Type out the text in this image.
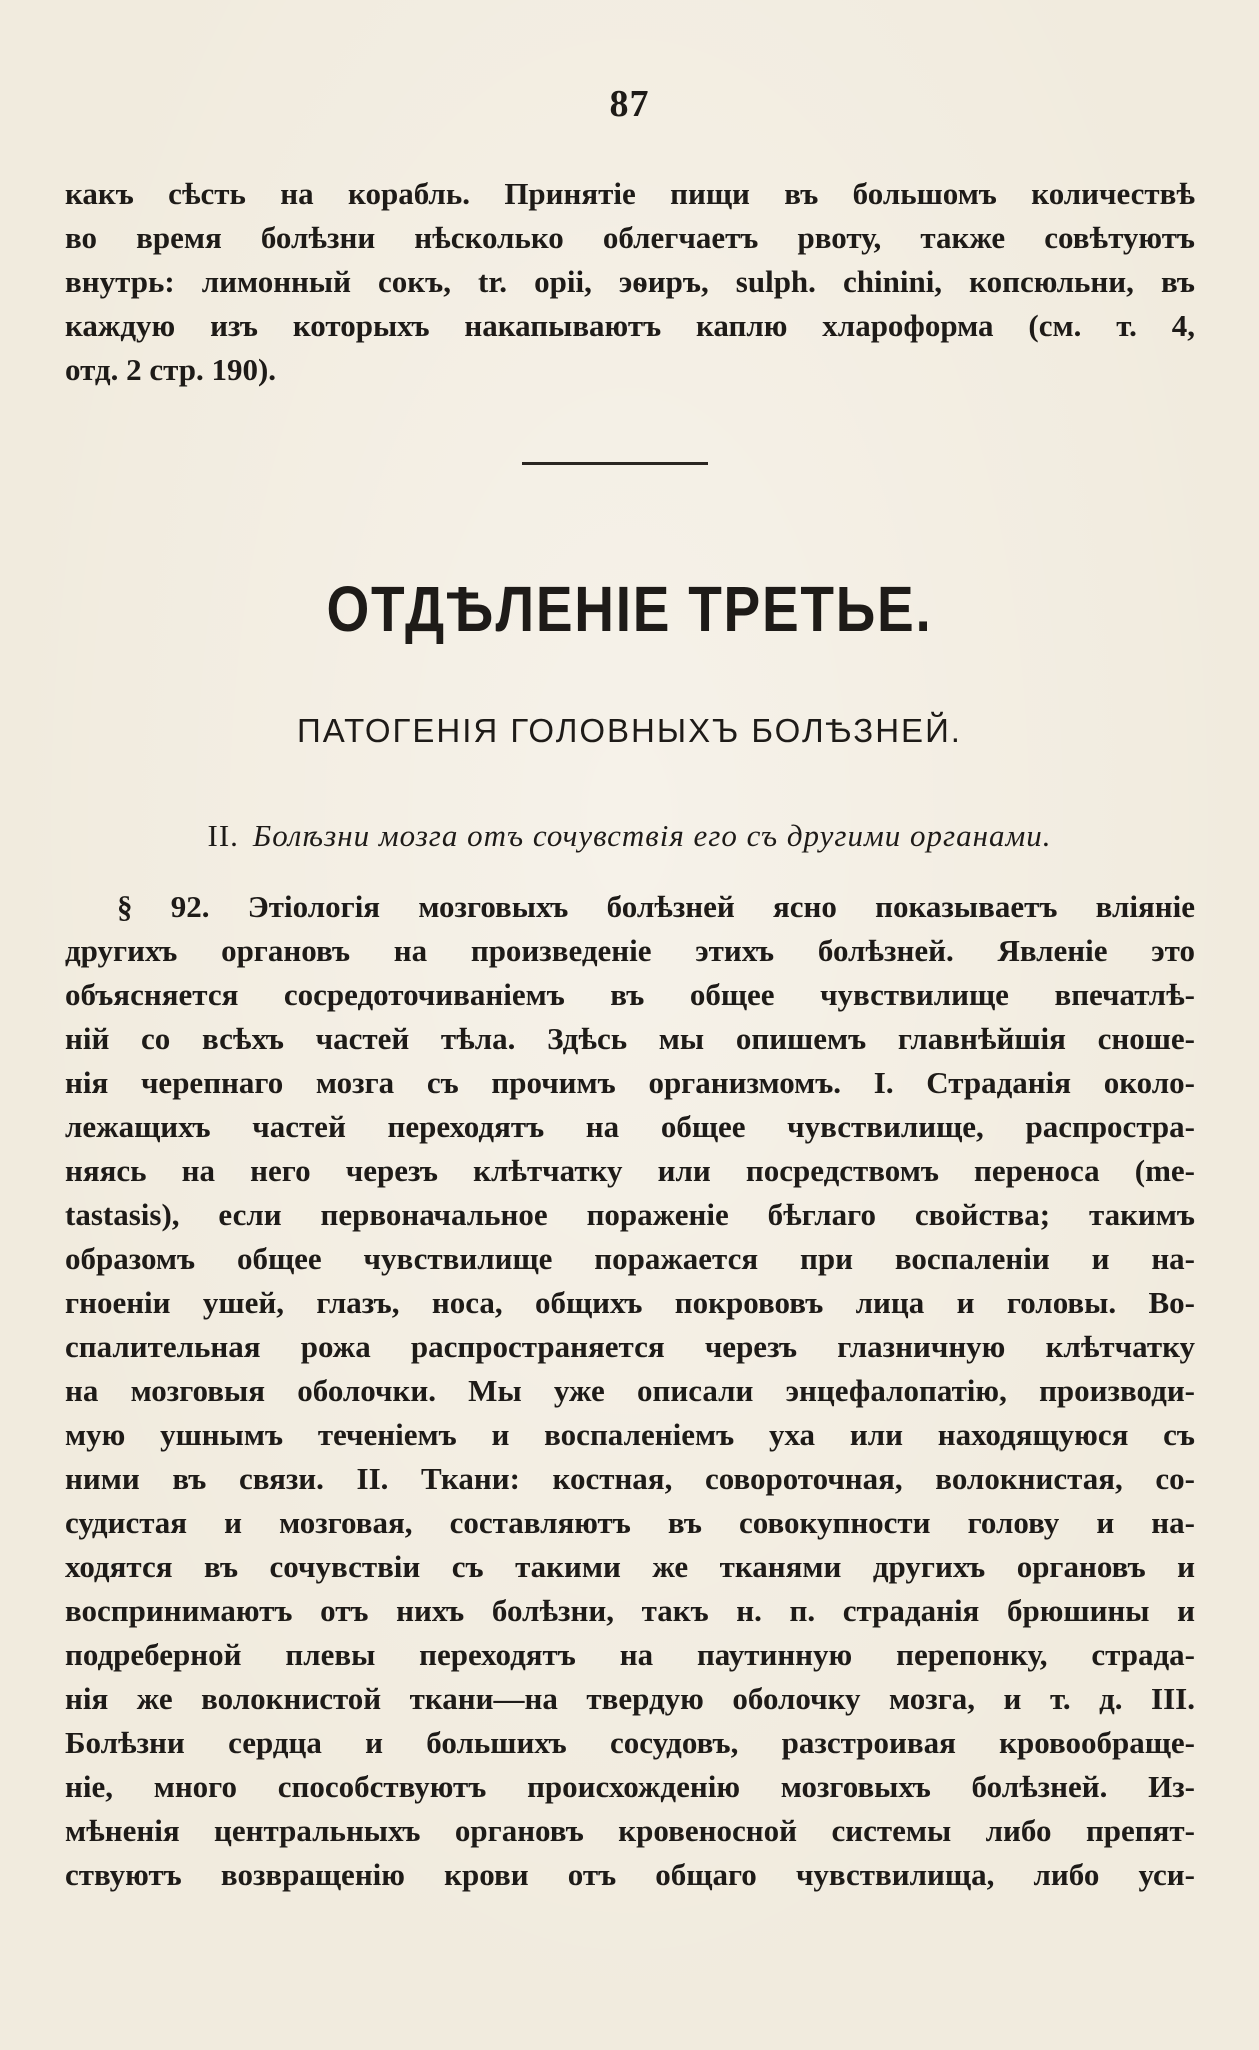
87
какъ сѣсть на корабль. Принятіе пищи въ большомъ количествѣ
во время болѣзни нѣсколько облегчаетъ рвоту, также совѣтуютъ
внутрь: лимонный сокъ, tr. opii, эѳиръ, sulph. chinini, копсюльни, въ
каждую изъ которыхъ накапываютъ каплю хлароформа (см. т. 4,
отд. 2 стр. 190).
ОТДѢЛЕНІЕ ТРЕТЬЕ.
ПАТОГЕНІЯ ГОЛОВНЫХЪ БОЛѢЗНЕЙ.
II. Болѣзни мозга отъ сочувствія его съ другими органами.
§ 92. Этіологія мозговыхъ болѣзней ясно показываетъ вліяніе
другихъ органовъ на произведеніе этихъ болѣзней. Явленіе это
объясняется сосредоточиваніемъ въ общее чувствилище впечатлѣ-
ній со всѣхъ частей тѣла. Здѣсь мы опишемъ главнѣйшія сноше-
нія черепнаго мозга съ прочимъ организмомъ. I. Страданія около-
лежащихъ частей переходятъ на общее чувствилище, распростра-
няясь на него черезъ клѣтчатку или посредствомъ переноса (me-
tastasis), если первоначальное пораженіе бѣглаго свойства; такимъ
образомъ общее чувствилище поражается при воспаленіи и на-
гноеніи ушей, глазъ, носа, общихъ покрововъ лица и головы. Во-
спалительная рожа распространяется черезъ глазничную клѣтчатку
на мозговыя оболочки. Мы уже описали энцефалопатію, производи-
мую ушнымъ теченіемъ и воспаленіемъ уха или находящуюся съ
ними въ связи. II. Ткани: костная, совороточная, волокнистая, со-
судистая и мозговая, составляютъ въ совокупности голову и на-
ходятся въ сочувствіи съ такими же тканями другихъ органовъ и
воспринимаютъ отъ нихъ болѣзни, такъ н. п. страданія брюшины и
подреберной плевы переходятъ на паутинную перепонку, страда-
нія же волокнистой ткани—на твердую оболочку мозга, и т. д. III.
Болѣзни сердца и большихъ сосудовъ, разстроивая кровообраще-
ніе, много способствуютъ происхожденію мозговыхъ болѣзней. Из-
мѣненія центральныхъ органовъ кровеносной системы либо препят-
ствуютъ возвращенію крови отъ общаго чувствилища, либо уси-
